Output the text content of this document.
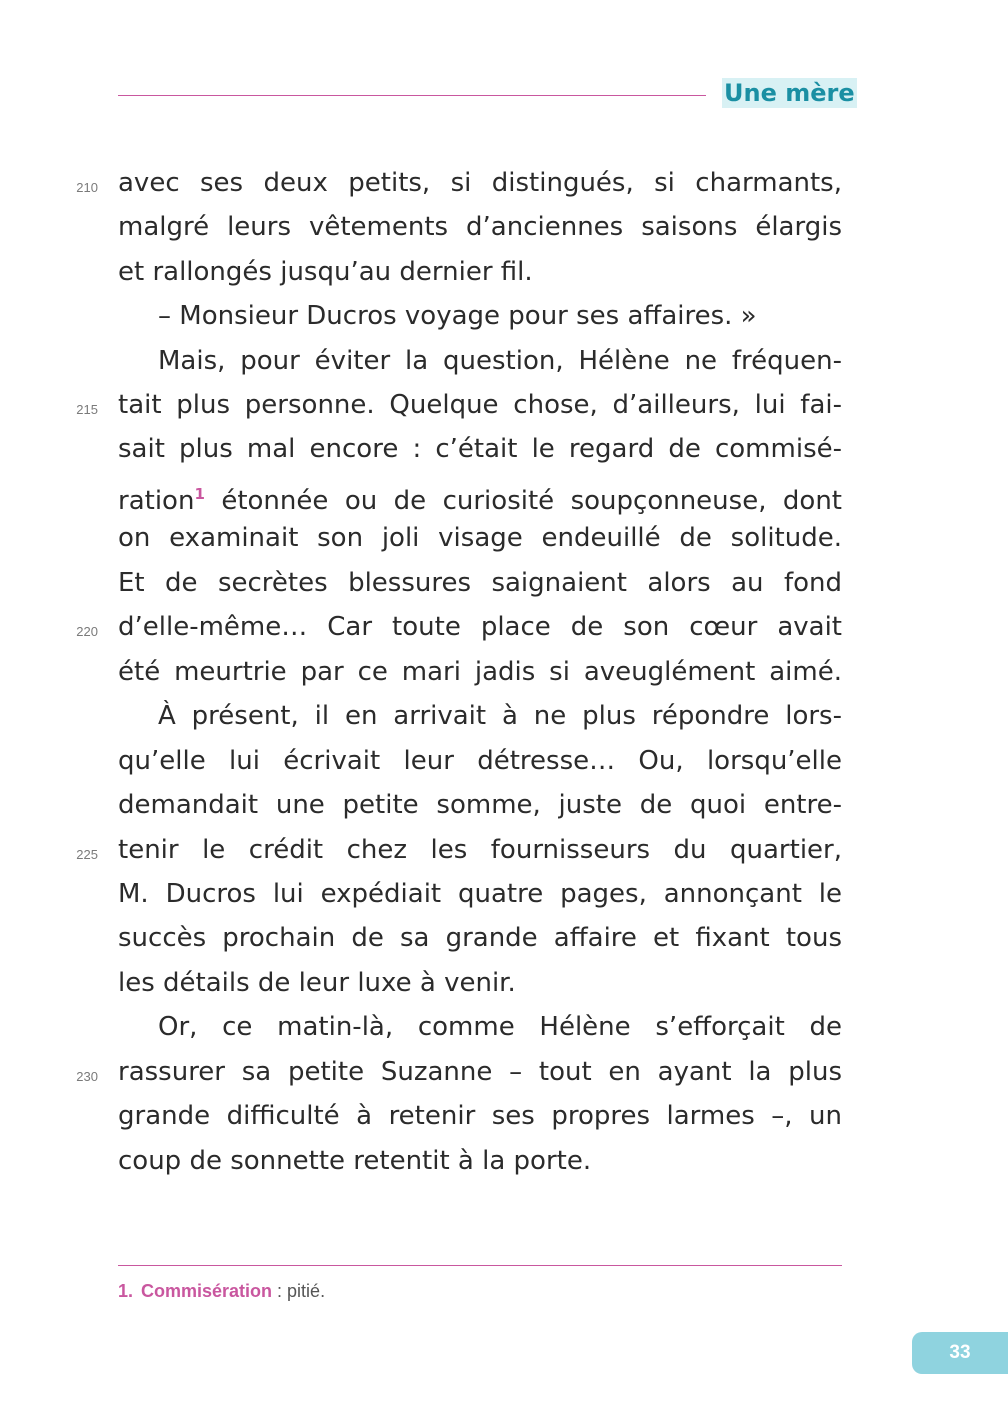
Une mère
avec ses deux petits, si distingués, si charmants,
malgré leurs vêtements d’anciennes saisons élargis
et rallongés jusqu’au dernier fil.
– Monsieur Ducros voyage pour ses affaires. »
Mais, pour éviter la question, Hélène ne fréquen-
tait plus personne. Quelque chose, d’ailleurs, lui fai-
sait plus mal encore : c’était le regard de commisé-
ration$^1$ étonnée ou de curiosité soupçonneuse, dont
on examinait son joli visage endeuillé de solitude.
Et de secrètes blessures saignaient alors au fond
d’elle-même… Car toute place de son cœur avait
été meurtrie par ce mari jadis si aveuglément aimé.
À présent, il en arrivait à ne plus répondre lors-
qu’elle lui écrivait leur détresse… Ou, lorsqu’elle
demandait une petite somme, juste de quoi entre-
tenir le crédit chez les fournisseurs du quartier,
M. Ducros lui expédiait quatre pages, annonçant le
succès prochain de sa grande affaire et fixant tous
les détails de leur luxe à venir.
Or, ce matin-là, comme Hélène s’efforçait de
rassurer sa petite Suzanne – tout en ayant la plus
grande difficulté à retenir ses propres larmes –, un
coup de sonnette retentit à la porte.
210
215
220
225
230
1. Commisération : pitié.
33
